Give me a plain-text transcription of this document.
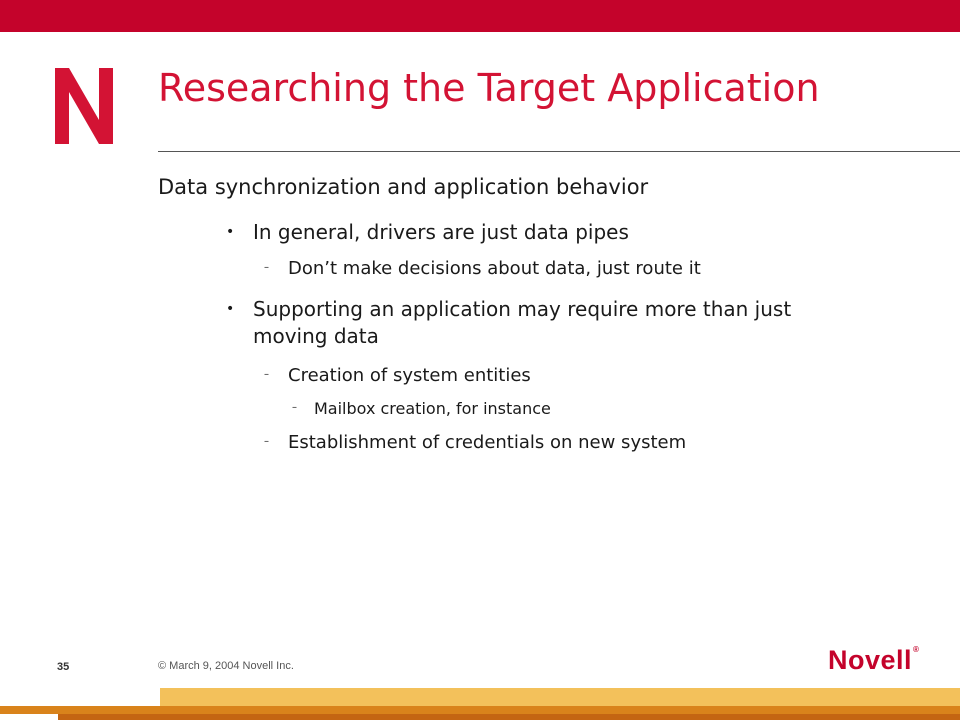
Researching the Target Application
Data synchronization and application behavior
• In general, drivers are just data pipes
– Don’t make decisions about data, just route it
• Supporting an application may require more than just moving data
– Creation of system entities
– Mailbox creation, for instance
– Establishment of credentials on new system
35	© March 9, 2004 Novell Inc.	Novell®
